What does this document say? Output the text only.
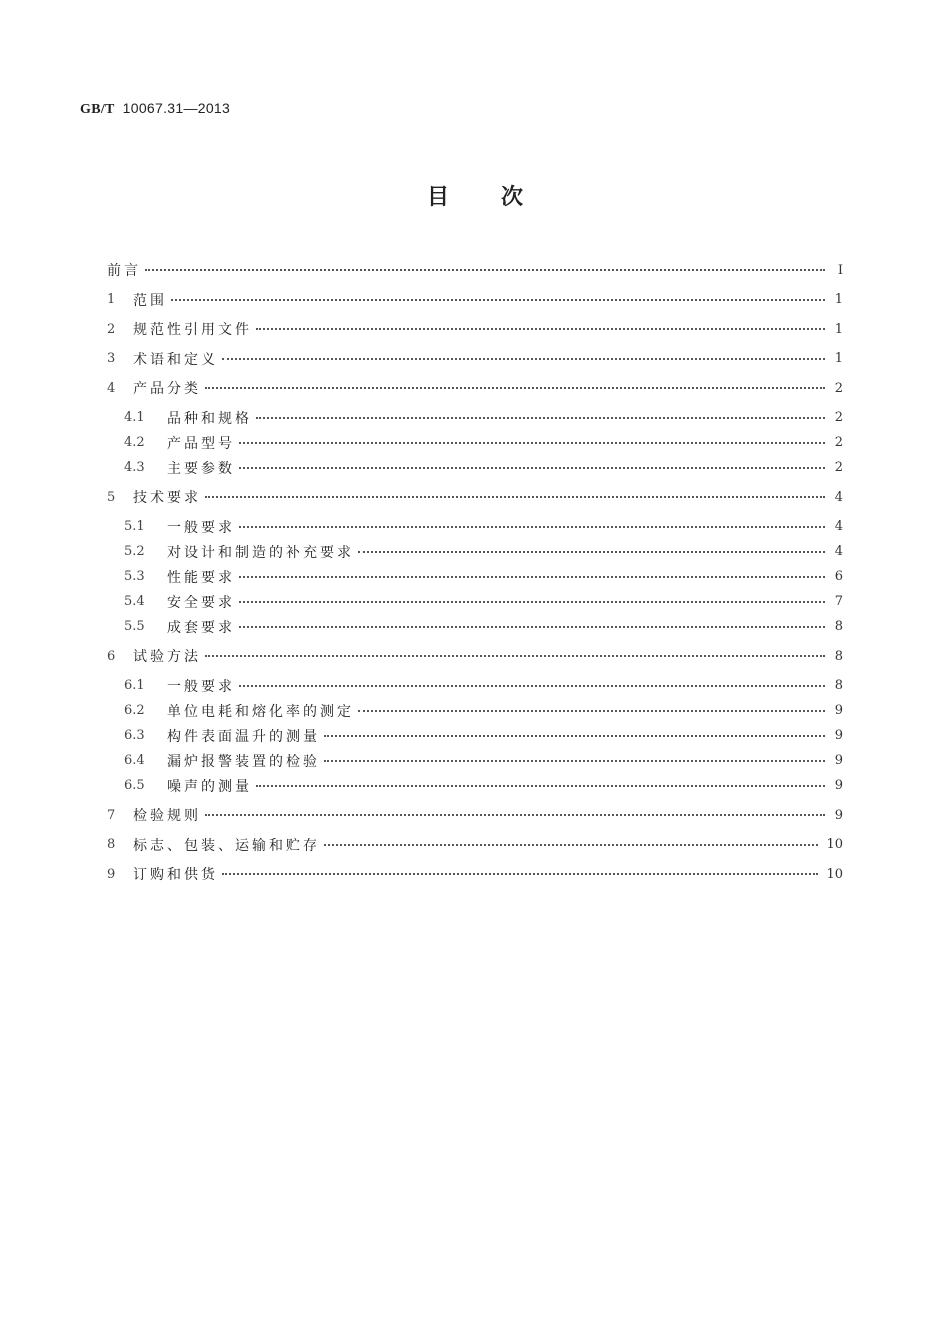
GB/T 10067.31—2013
目 次
前言	Ⅰ
1	范围	1
2	规范性引用文件	1
3	术语和定义	1
4	产品分类	2
4.1	品种和规格	2
4.2	产品型号	2
4.3	主要参数	2
5	技术要求	4
5.1	一般要求	4
5.2	对设计和制造的补充要求	4
5.3	性能要求	6
5.4	安全要求	7
5.5	成套要求	8
6	试验方法	8
6.1	一般要求	8
6.2	单位电耗和熔化率的测定	9
6.3	构件表面温升的测量	9
6.4	漏炉报警装置的检验	9
6.5	噪声的测量	9
7	检验规则	9
8	标志、包装、运输和贮存	10
9	订购和供货	10
